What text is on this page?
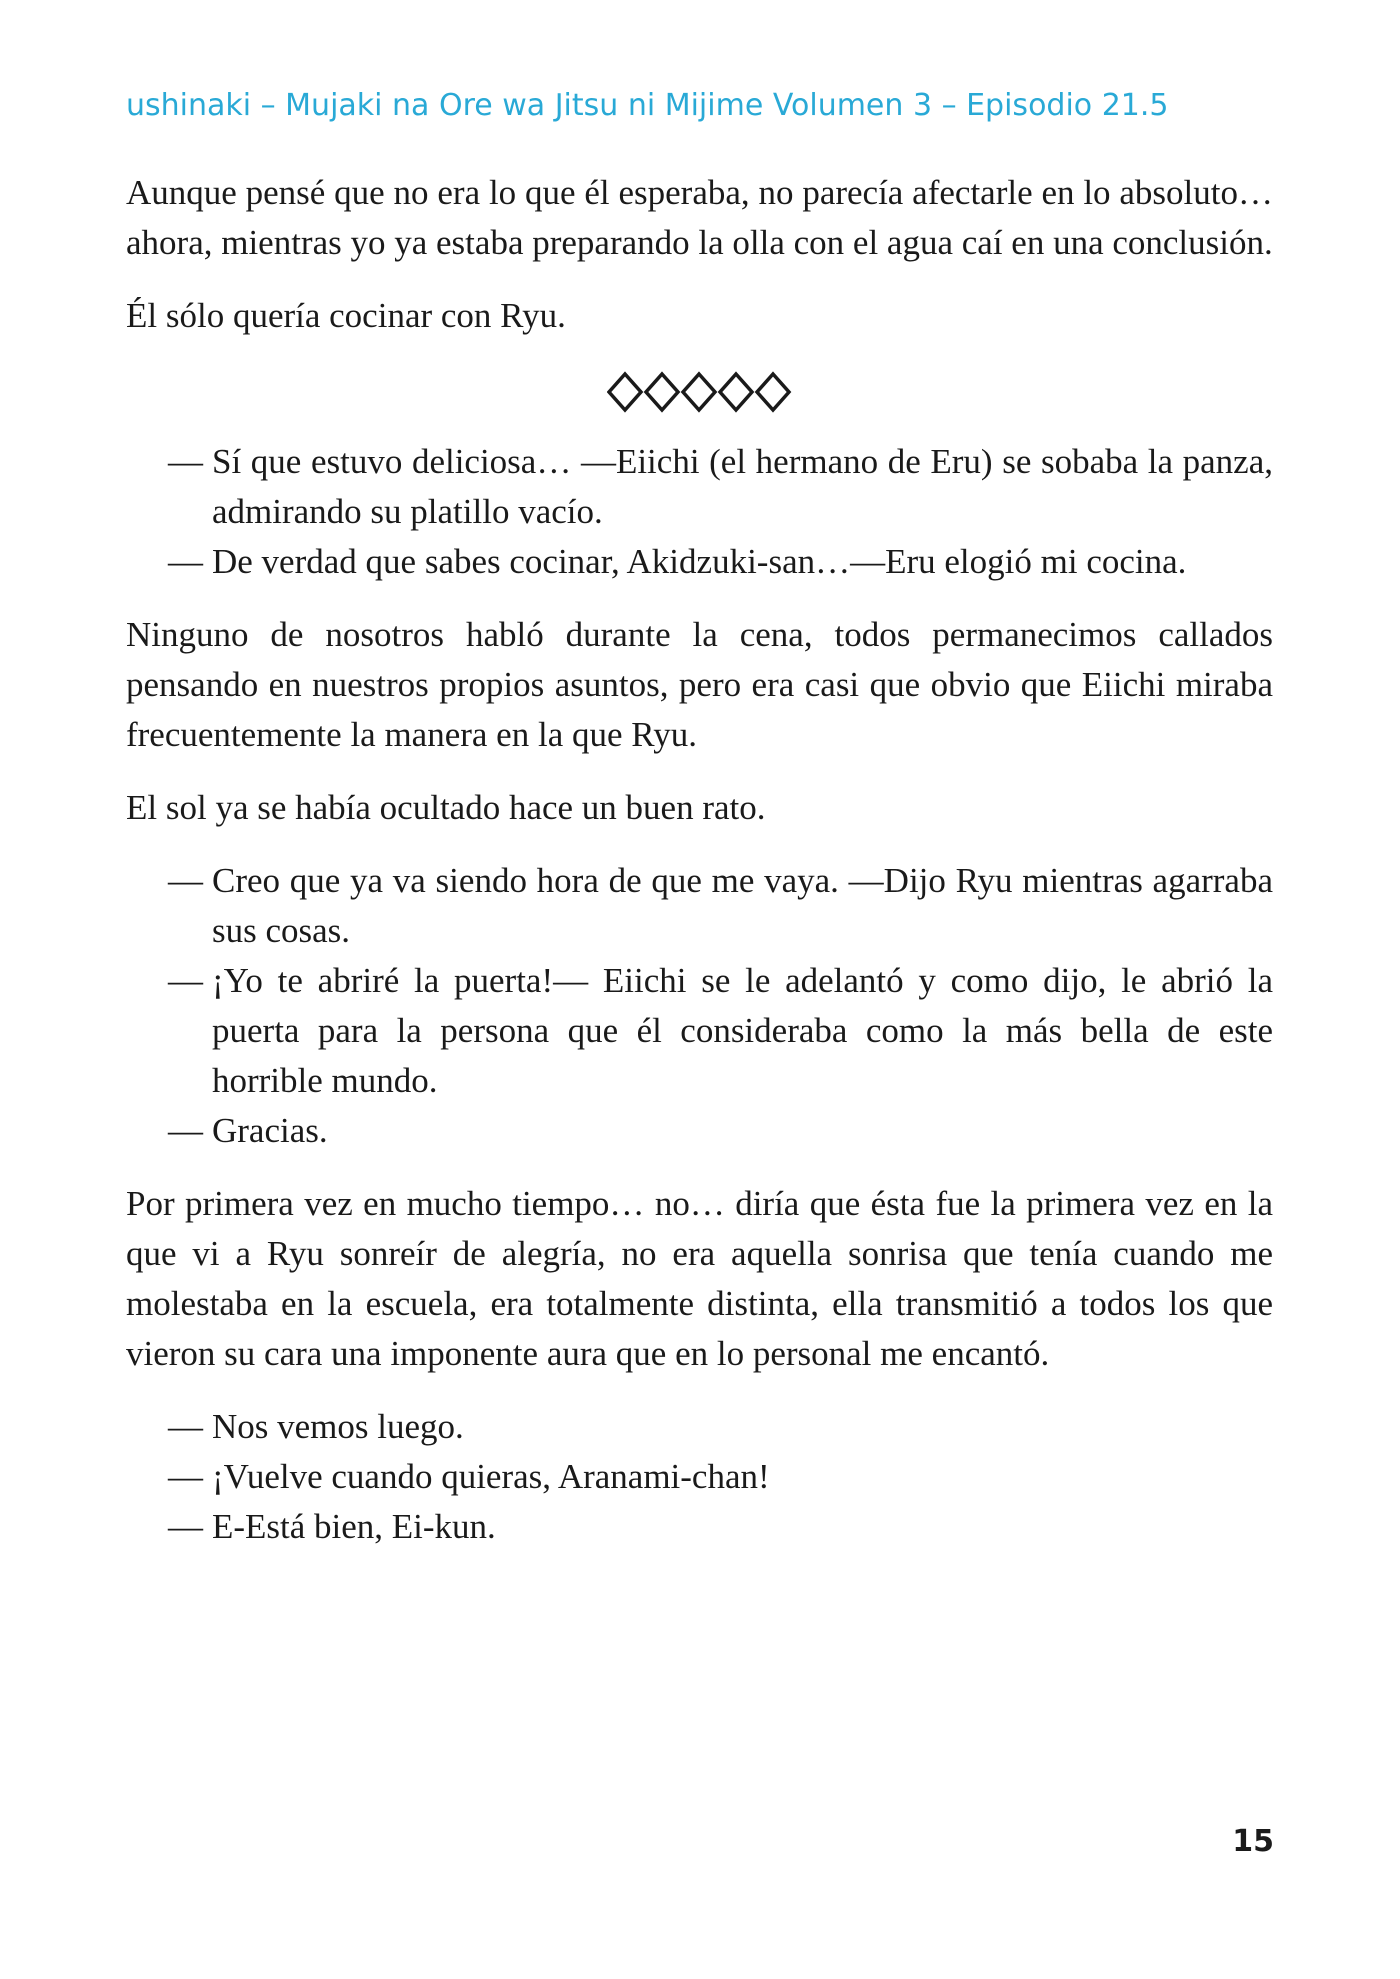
ushinaki – Mujaki na Ore wa Jitsu ni Mijime Volumen 3 – Episodio 21.5

Aunque pensé que no era lo que él esperaba, no parecía afectarle en lo absoluto… ahora, mientras yo ya estaba preparando la olla con el agua caí en una conclusión.

Él sólo quería cocinar con Ryu.

— Sí que estuvo deliciosa… —Eiichi (el hermano de Eru) se sobaba la panza, admirando su platillo vacío.
— De verdad que sabes cocinar, Akidzuki-san…—Eru elogió mi cocina.

Ninguno de nosotros habló durante la cena, todos permanecimos callados pensando en nuestros propios asuntos, pero era casi que obvio que Eiichi miraba frecuentemente la manera en la que Ryu.

El sol ya se había ocultado hace un buen rato.

— Creo que ya va siendo hora de que me vaya. —Dijo Ryu mientras agarraba sus cosas.
— ¡Yo te abriré la puerta!— Eiichi se le adelantó y como dijo, le abrió la puerta para la persona que él consideraba como la más bella de este horrible mundo.
— Gracias.

Por primera vez en mucho tiempo… no… diría que ésta fue la primera vez en la que vi a Ryu sonreír de alegría, no era aquella sonrisa que tenía cuando me molestaba en la escuela, era totalmente distinta, ella transmitió a todos los que vieron su cara una imponente aura que en lo personal me encantó.

— Nos vemos luego.
— ¡Vuelve cuando quieras, Aranami-chan!
— E-Está bien, Ei-kun.
15
